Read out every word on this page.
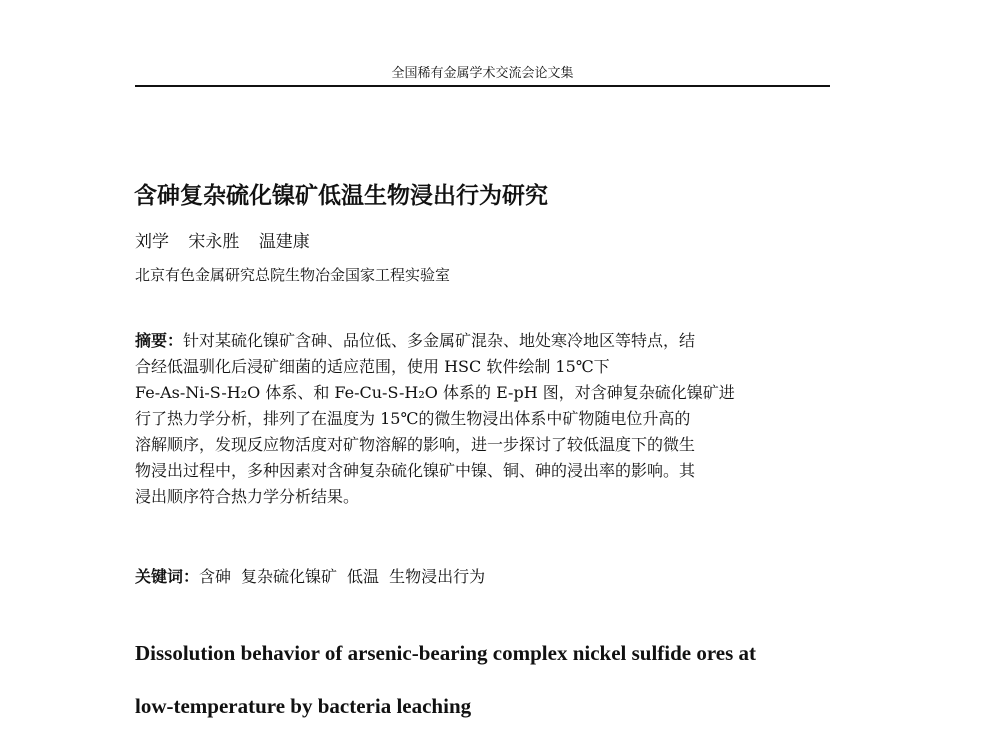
全国稀有金属学术交流会论文集
含砷复杂硫化镍矿低温生物浸出行为研究
刘学 宋永胜 温建康
北京有色金属研究总院生物冶金国家工程实验室

摘要：针对某硫化镍矿含砷、品位低、多金属矿混杂、地处寒冷地区等特点，结

合经低温驯化后浸矿细菌的适应范围，使用 HSC 软件绘制 15℃下

Fe-As-Ni-S-H₂O 体系、和 Fe-Cu-S-H₂O 体系的 E-pH 图，对含砷复杂硫化镍矿进

行了热力学分析，排列了在温度为 15℃的微生物浸出体系中矿物随电位升高的

溶解顺序，发现反应物活度对矿物溶解的影响，进一步探讨了较低温度下的微生

物浸出过程中，多种因素对含砷复杂硫化镍矿中镍、铜、砷的浸出率的影响。其

浸出顺序符合热力学分析结果。

关键词：含砷 复杂硫化镍矿 低温 生物浸出行为

Dissolution behavior of arsenic-bearing complex nickel sulfide ores at

low-temperature by bacteria leaching
